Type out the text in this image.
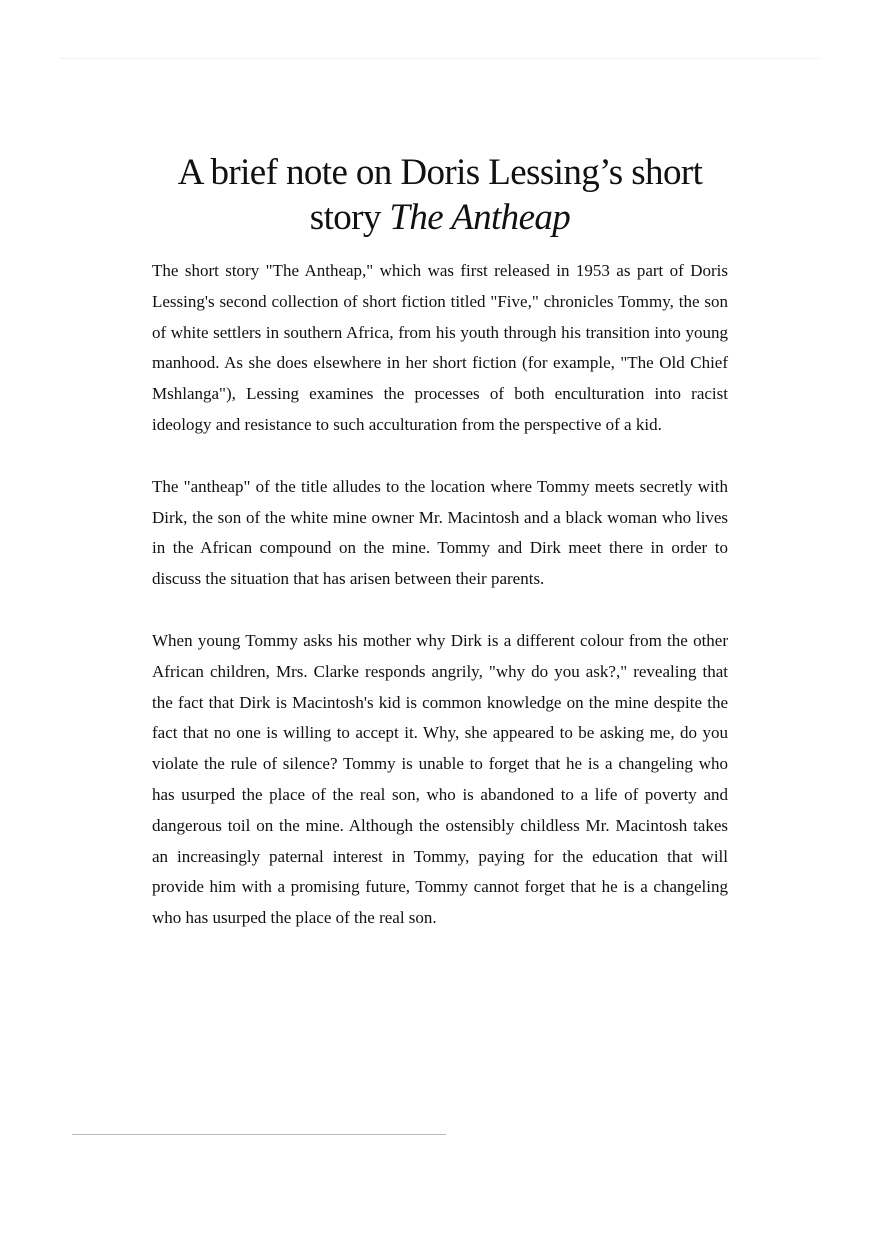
A brief note on Doris Lessing’s short
story The Antheap

The short story "The Antheap," which was first released in 1953 as part of Doris Lessing's second collection of short fiction titled "Five," chronicles Tommy, the son of white settlers in southern Africa, from his youth through his transition into young manhood. As she does elsewhere in her short fiction (for example, "The Old Chief Mshlanga"), Lessing examines the processes of both enculturation into racist ideology and resistance to such acculturation from the perspective of a kid.

The "antheap" of the title alludes to the location where Tommy meets secretly with Dirk, the son of the white mine owner Mr. Macintosh and a black woman who lives in the African compound on the mine. Tommy and Dirk meet there in order to discuss the situation that has arisen between their parents.

When young Tommy asks his mother why Dirk is a different colour from the other African children, Mrs. Clarke responds angrily, "why do you ask?," revealing that the fact that Dirk is Macintosh's kid is common knowledge on the mine despite the fact that no one is willing to accept it. Why, she appeared to be asking me, do you violate the rule of silence? Tommy is unable to forget that he is a changeling who has usurped the place of the real son, who is abandoned to a life of poverty and dangerous toil on the mine. Although the ostensibly childless Mr. Macintosh takes an increasingly paternal interest in Tommy, paying for the education that will provide him with a promising future, Tommy cannot forget that he is a changeling who has usurped the place of the real son.
